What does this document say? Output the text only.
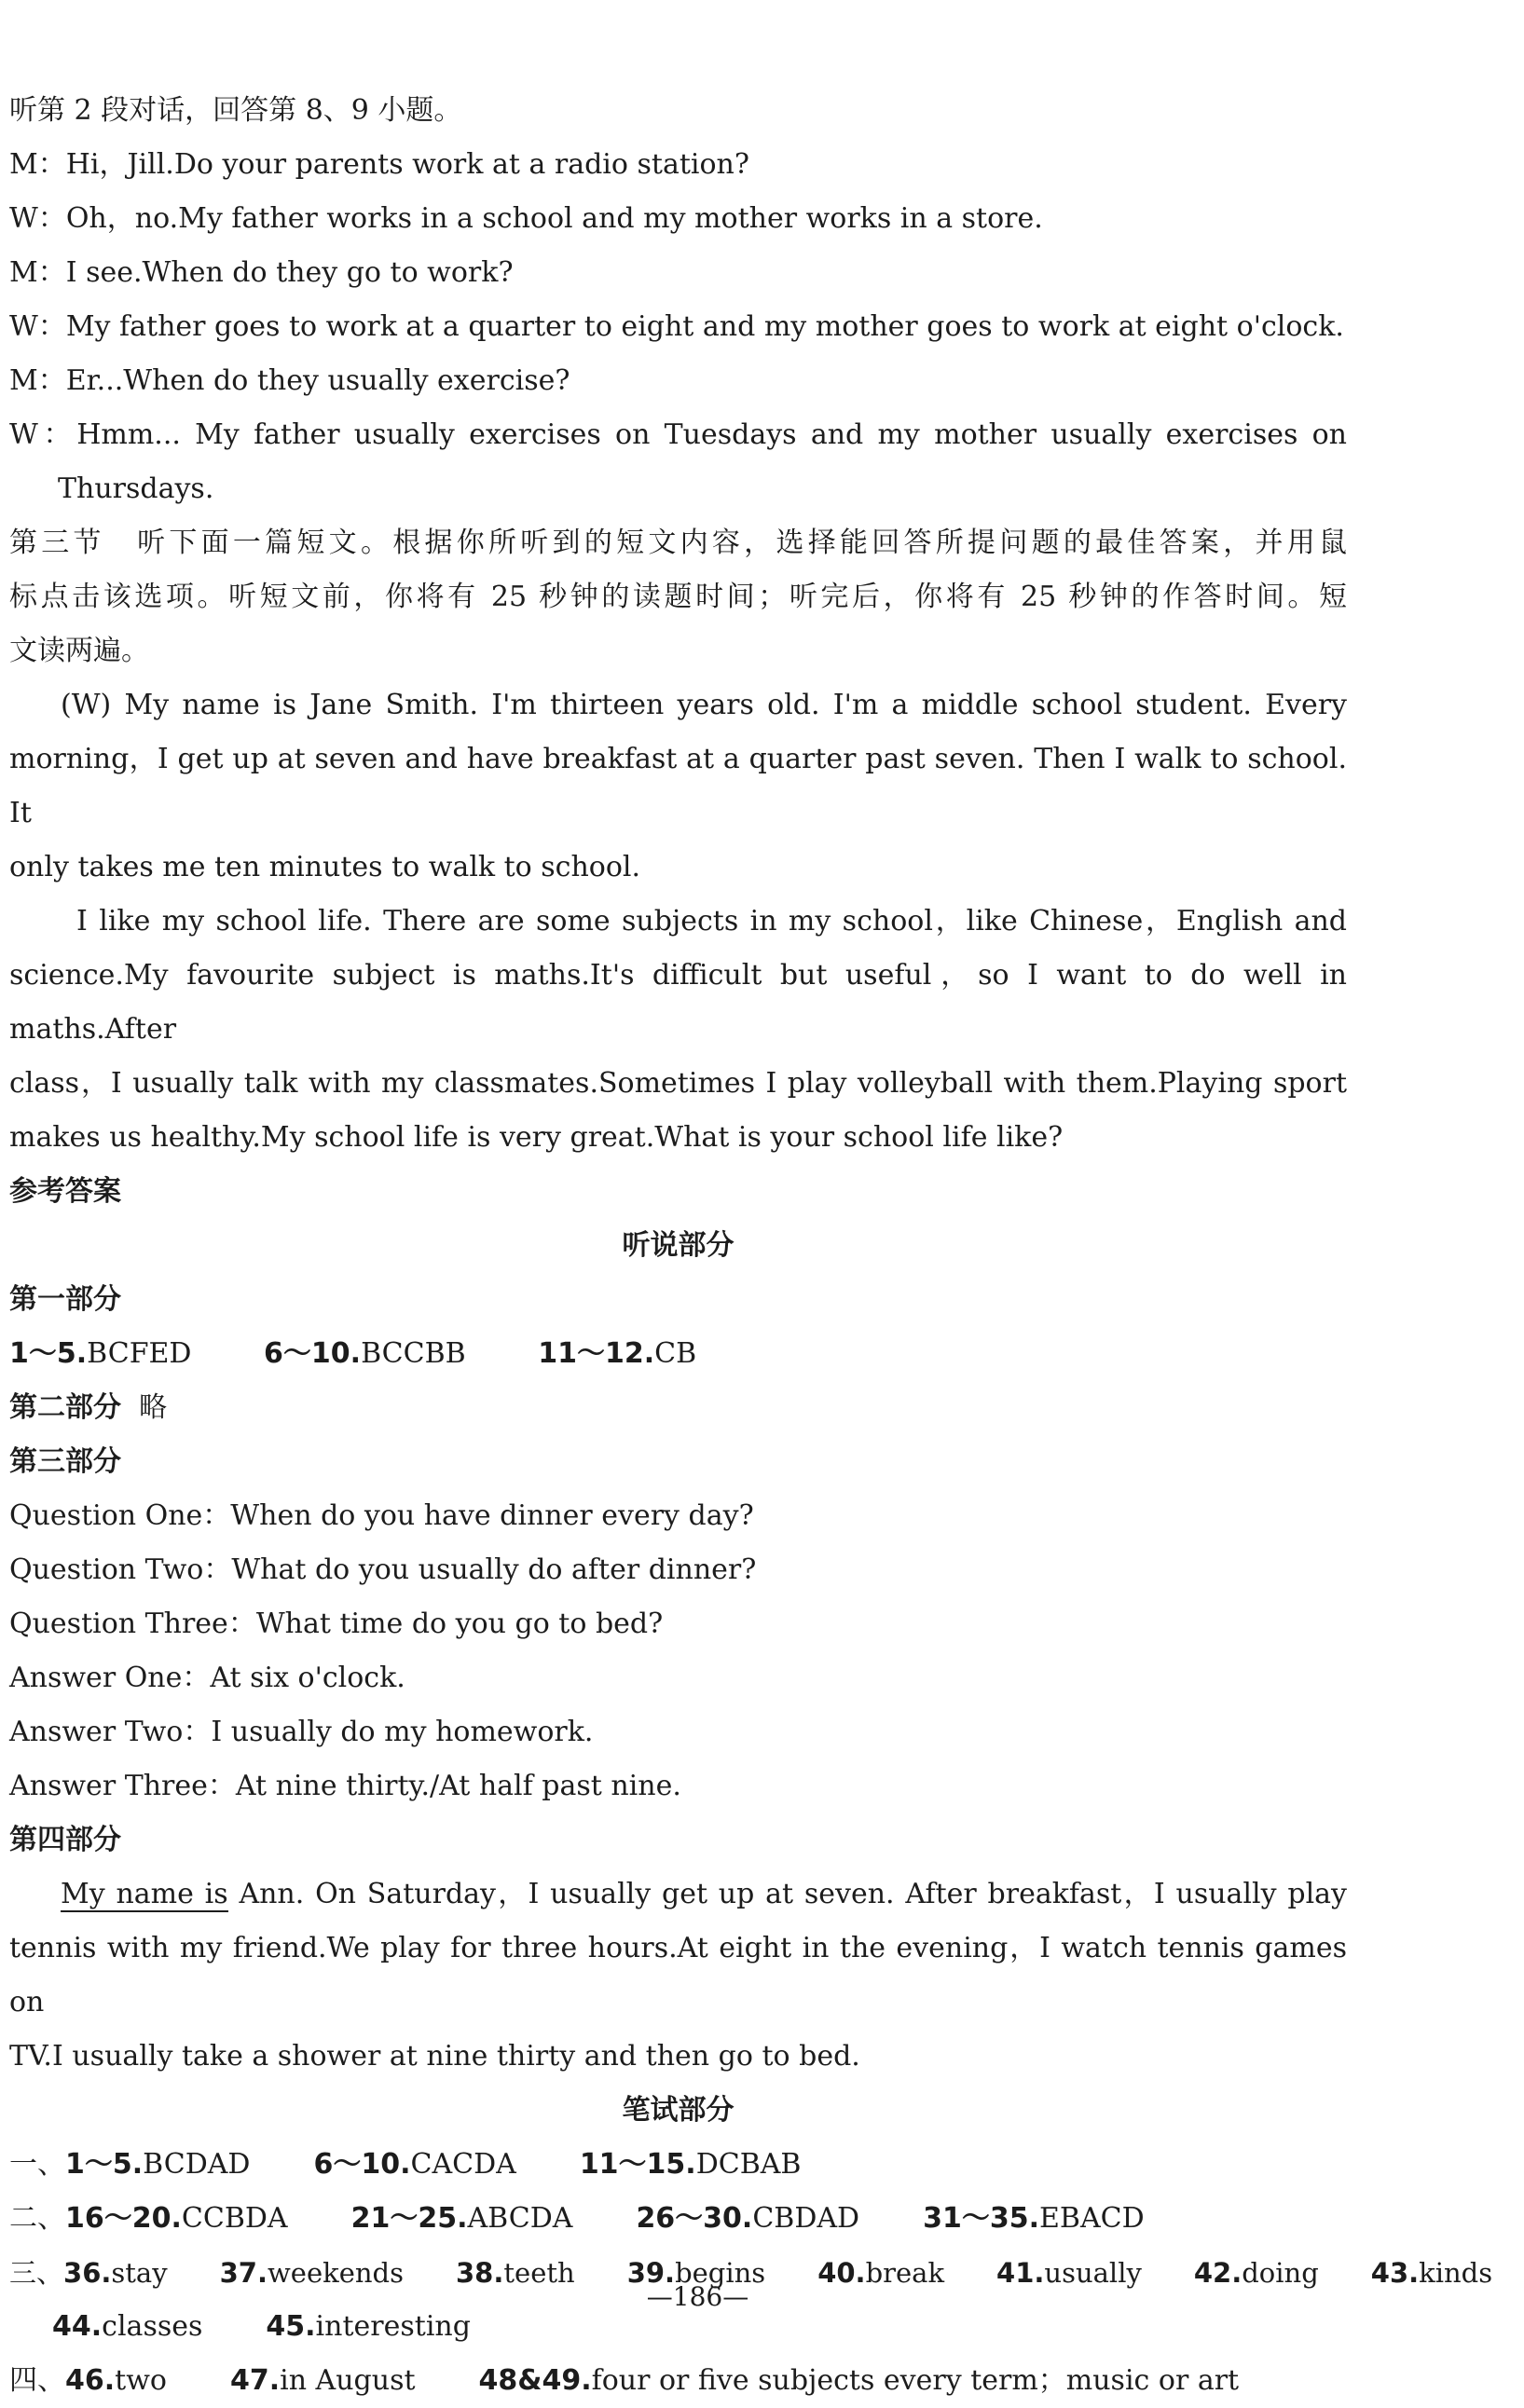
听第 2 段对话，回答第 8、9 小题。
M：Hi，Jill.Do your parents work at a radio station?
W：Oh，no.My father works in a school and my mother works in a store.
M：I see.When do they go to work?
W：My father goes to work at a quarter to eight and my mother goes to work at eight o'clock.
M：Er...When do they usually exercise?
W：Hmm... My father usually exercises on Tuesdays and my mother usually exercises on
Thursdays.
第三节　听下面一篇短文。根据你所听到的短文内容，选择能回答所提问题的最佳答案，并用鼠
标点击该选项。听短文前，你将有 25 秒钟的读题时间；听完后，你将有 25 秒钟的作答时间。短
文读两遍。
(W) My name is Jane Smith. I'm thirteen years old. I'm a middle school student. Every
morning，I get up at seven and have breakfast at a quarter past seven. Then I walk to school. It
only takes me ten minutes to walk to school.
I like my school life. There are some subjects in my school，like Chinese，English and
science.My favourite subject is maths.It's difficult but useful，so I want to do well in maths.After
class，I usually talk with my classmates.Sometimes I play volleyball with them.Playing sport
makes us healthy.My school life is very great.What is your school life like?
参考答案
听说部分
第一部分
1～5.BCFED	6～10.BCCBB	11～12.CB
第二部分 略
第三部分
Question One：When do you have dinner every day?
Question Two：What do you usually do after dinner?
Question Three：What time do you go to bed?
Answer One：At six o'clock.
Answer Two：I usually do my homework.
Answer Three：At nine thirty./At half past nine.
第四部分
My name is Ann. On Saturday，I usually get up at seven. After breakfast，I usually play
tennis with my friend.We play for three hours.At eight in the evening，I watch tennis games on
TV.I usually take a shower at nine thirty and then go to bed.
笔试部分
一、1～5.BCDAD 6～10.CACDA 11～15.DCBAB
二、16～20.CCBDA 21～25.ABCDA 26～30.CBDAD 31～35.EBACD
三、36.stay 37.weekends 38.teeth 39.begins 40.break 41.usually 42.doing 43.kinds
44.classes 45.interesting
四、46.two 47.in August 48&49.four or five subjects every term；music or art
—186—
